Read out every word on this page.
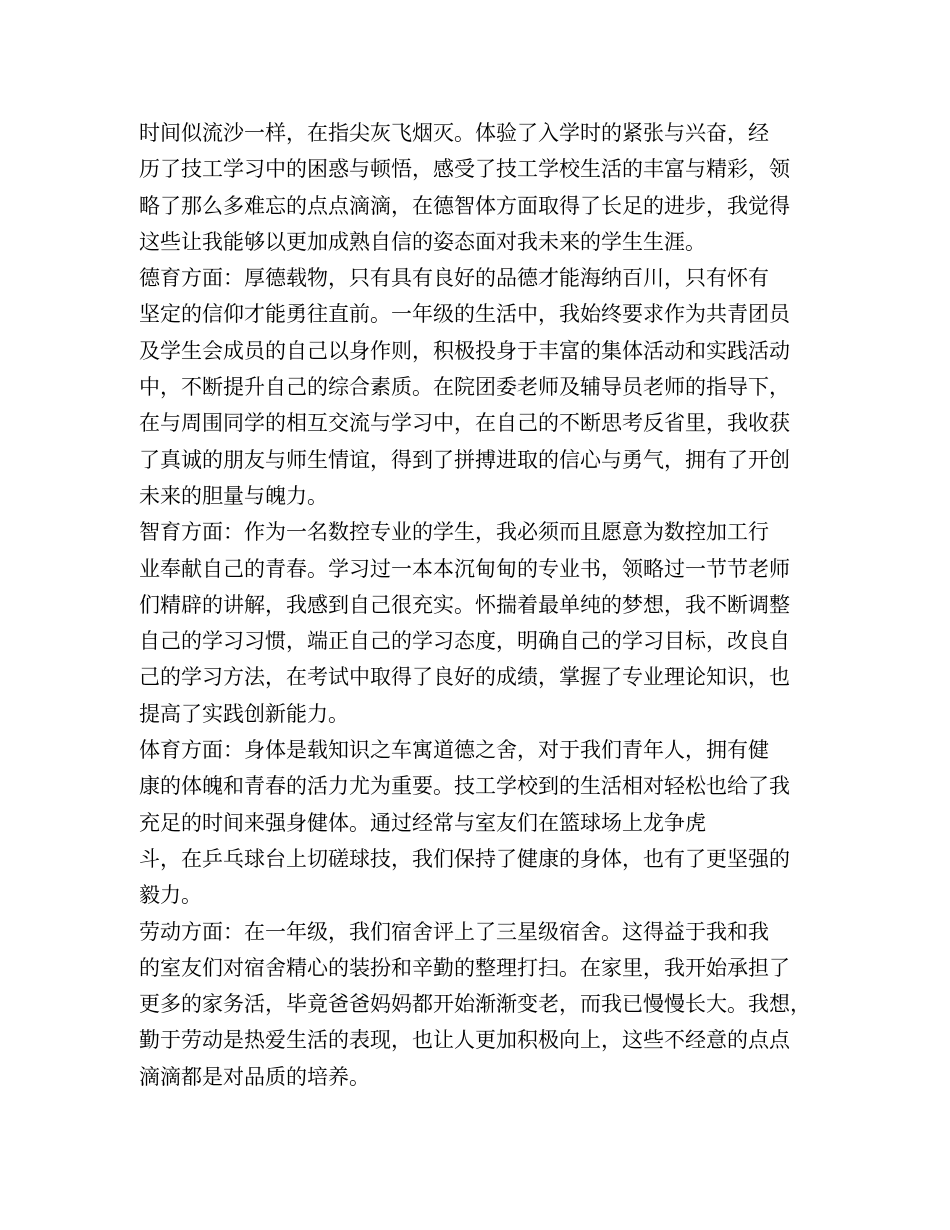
时间似流沙一样，在指尖灰飞烟灭。体验了入学时的紧张与兴奋，经
历了技工学习中的困惑与顿悟，感受了技工学校生活的丰富与精彩，领
略了那么多难忘的点点滴滴，在德智体方面取得了长足的进步，我觉得
这些让我能够以更加成熟自信的姿态面对我未来的学生生涯。
德育方面：厚德载物，只有具有良好的品德才能海纳百川，只有怀有
坚定的信仰才能勇往直前。一年级的生活中，我始终要求作为共青团员
及学生会成员的自己以身作则，积极投身于丰富的集体活动和实践活动
中，不断提升自己的综合素质。在院团委老师及辅导员老师的指导下，
在与周围同学的相互交流与学习中，在自己的不断思考反省里，我收获
了真诚的朋友与师生情谊，得到了拼搏进取的信心与勇气，拥有了开创
未来的胆量与魄力。
智育方面：作为一名数控专业的学生，我必须而且愿意为数控加工行
业奉献自己的青春。学习过一本本沉甸甸的专业书，领略过一节节老师
们精辟的讲解，我感到自己很充实。怀揣着最单纯的梦想，我不断调整
自己的学习习惯，端正自己的学习态度，明确自己的学习目标，改良自
己的学习方法，在考试中取得了良好的成绩，掌握了专业理论知识，也
提高了实践创新能力。
体育方面：身体是载知识之车寓道德之舍，对于我们青年人，拥有健
康的体魄和青春的活力尤为重要。技工学校到的生活相对轻松也给了我
充足的时间来强身健体。通过经常与室友们在篮球场上龙争虎
斗，在乒乓球台上切磋球技，我们保持了健康的身体，也有了更坚强的
毅力。
劳动方面：在一年级，我们宿舍评上了三星级宿舍。这得益于我和我
的室友们对宿舍精心的装扮和辛勤的整理打扫。在家里，我开始承担了
更多的家务活，毕竟爸爸妈妈都开始渐渐变老，而我已慢慢长大。我想，
勤于劳动是热爱生活的表现，也让人更加积极向上，这些不经意的点点
滴滴都是对品质的培养。
